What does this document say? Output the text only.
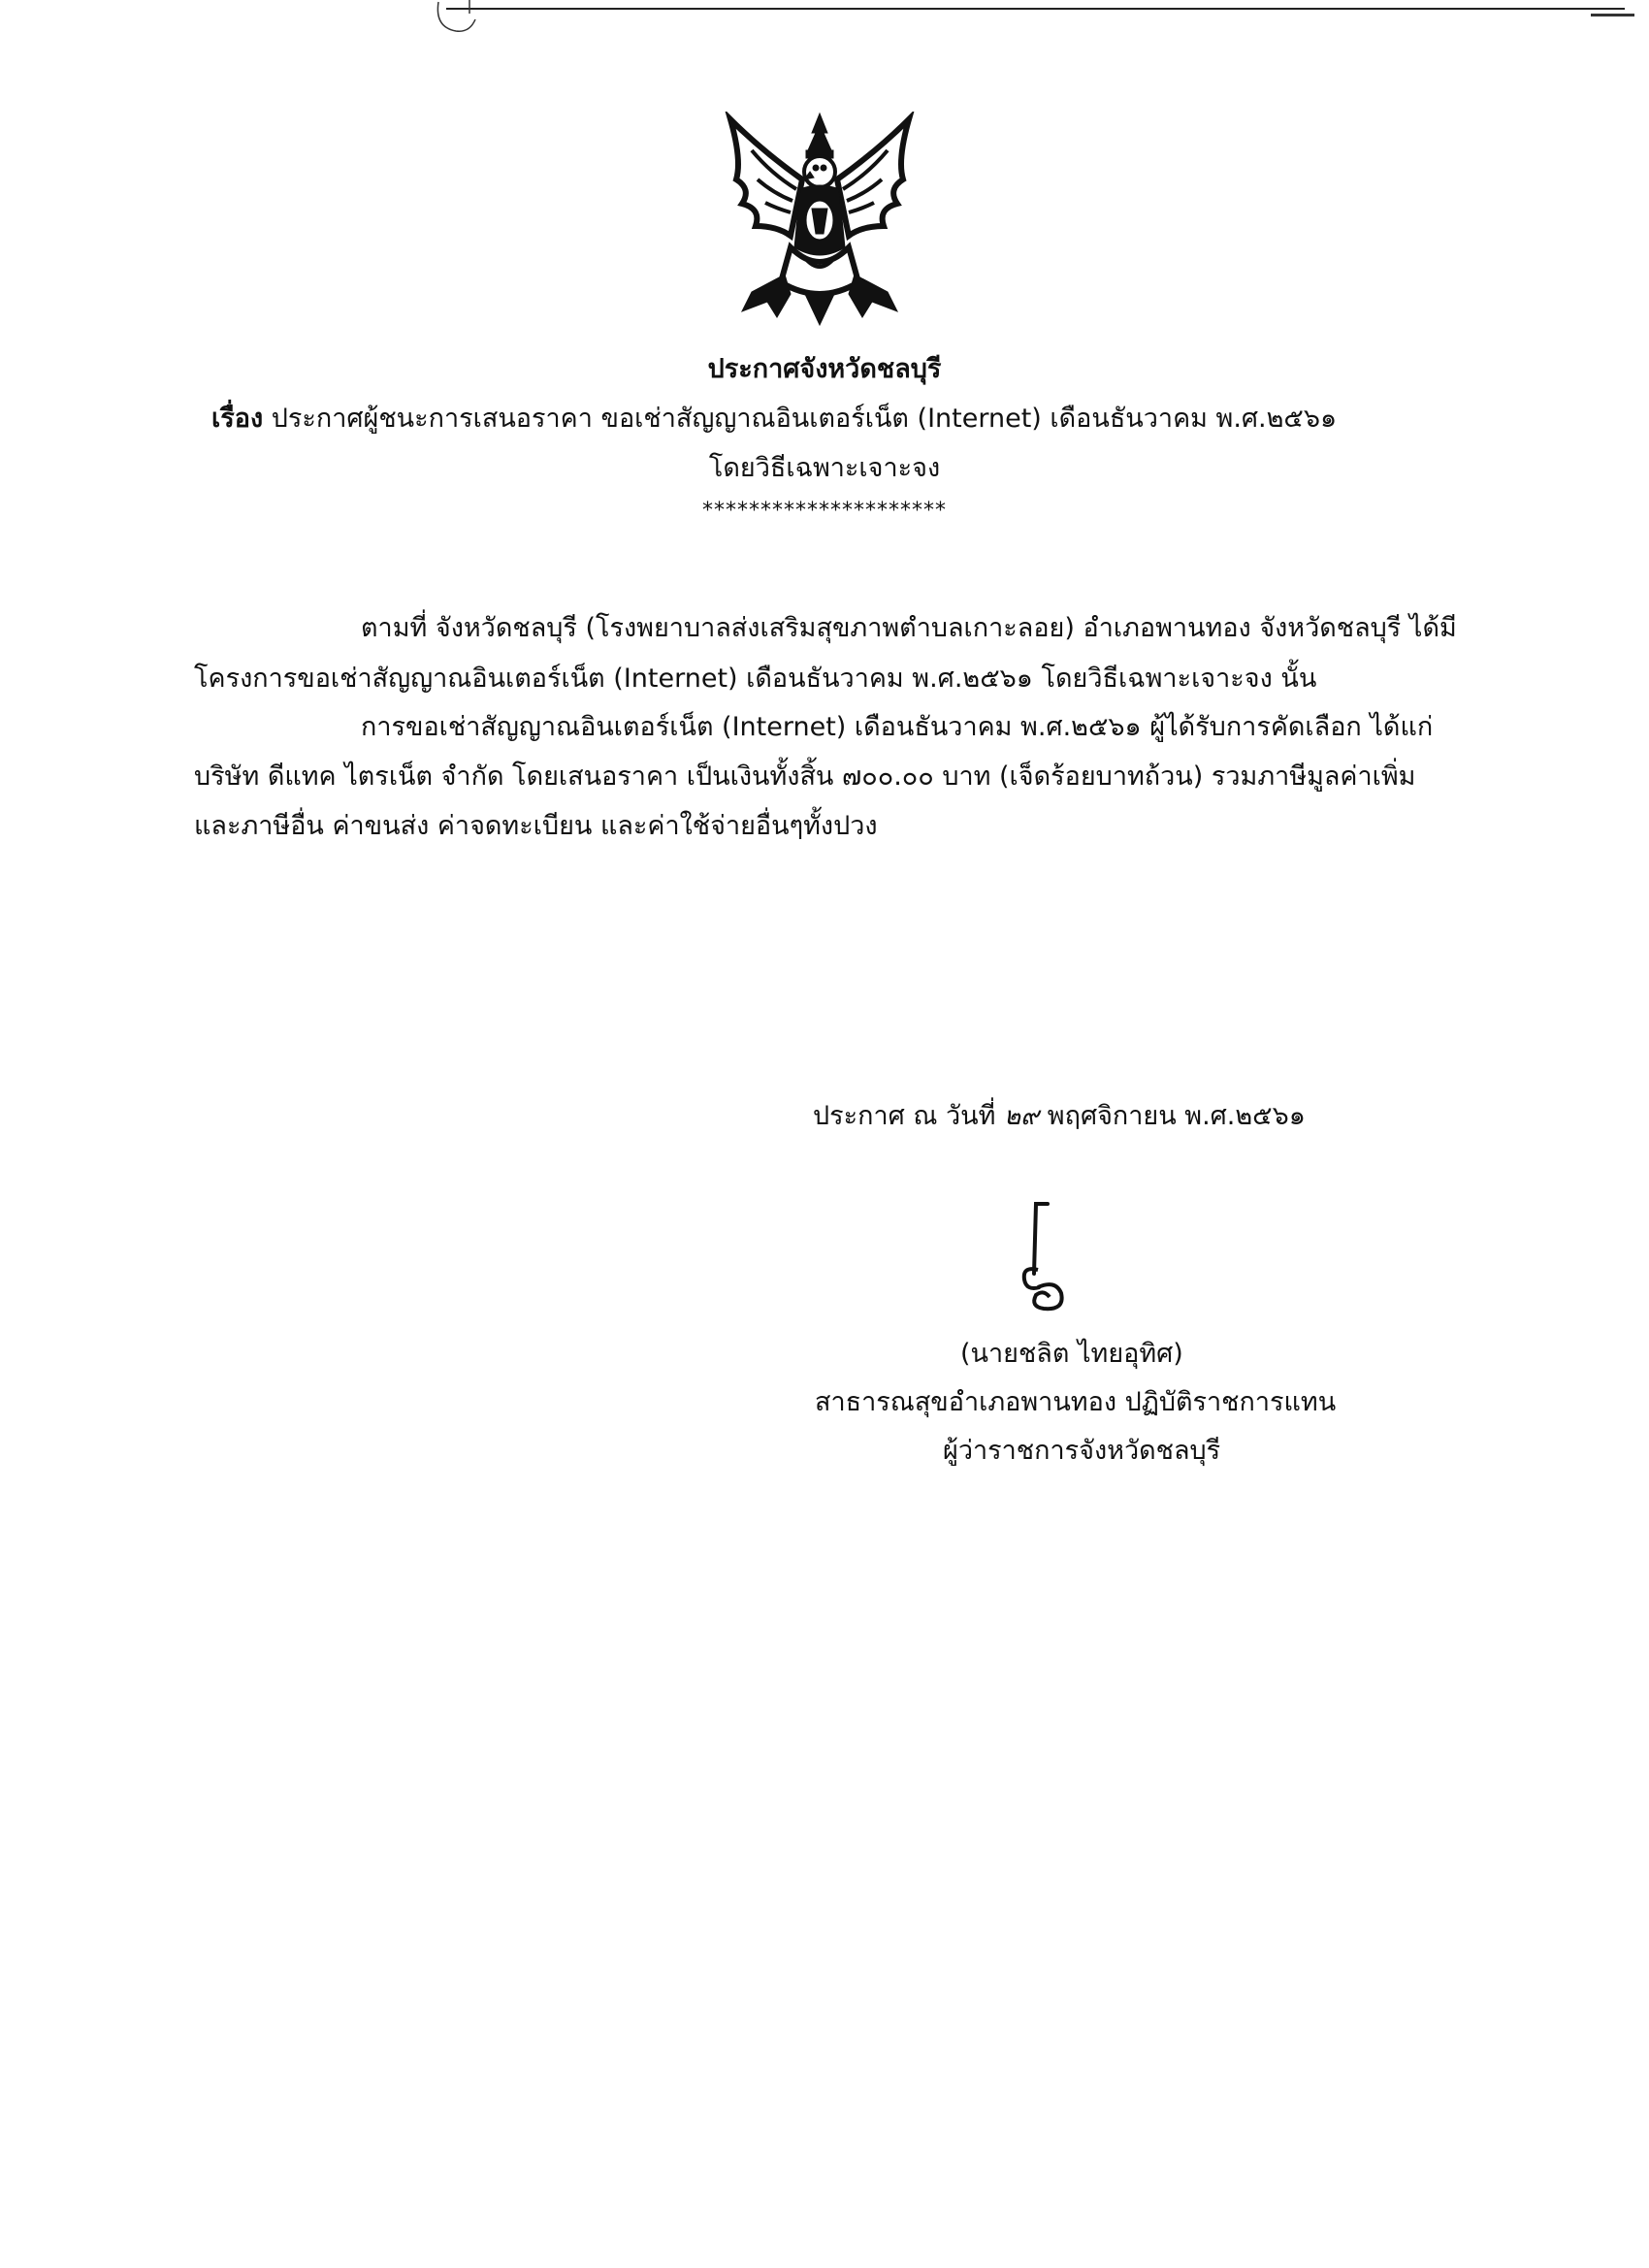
ประกาศจังหวัดชลบุรี
เรื่อง ประกาศผู้ชนะการเสนอราคา ขอเช่าสัญญาณอินเตอร์เน็ต (Internet) เดือนธันวาคม พ.ศ.๒๕๖๑
โดยวิธีเฉพาะเจาะจง
*********************
ตามที่ จังหวัดชลบุรี (โรงพยาบาลส่งเสริมสุขภาพตำบลเกาะลอย) อำเภอพานทอง จังหวัดชลบุรี ได้มี
โครงการขอเช่าสัญญาณอินเตอร์เน็ต (Internet) เดือนธันวาคม พ.ศ.๒๕๖๑ โดยวิธีเฉพาะเจาะจง นั้น
การขอเช่าสัญญาณอินเตอร์เน็ต (Internet) เดือนธันวาคม พ.ศ.๒๕๖๑ ผู้ได้รับการคัดเลือก ได้แก่
บริษัท ดีแทค ไตรเน็ต จำกัด โดยเสนอราคา เป็นเงินทั้งสิ้น ๗๐๐.๐๐ บาท (เจ็ดร้อยบาทถ้วน) รวมภาษีมูลค่าเพิ่ม
และภาษีอื่น ค่าขนส่ง ค่าจดทะเบียน และค่าใช้จ่ายอื่นๆทั้งปวง
ประกาศ ณ วันที่ ๒๙ พฤศจิกายน พ.ศ.๒๕๖๑
(นายชลิต ไทยอุทิศ)
สาธารณสุขอำเภอพานทอง ปฏิบัติราชการแทน
ผู้ว่าราชการจังหวัดชลบุรี
